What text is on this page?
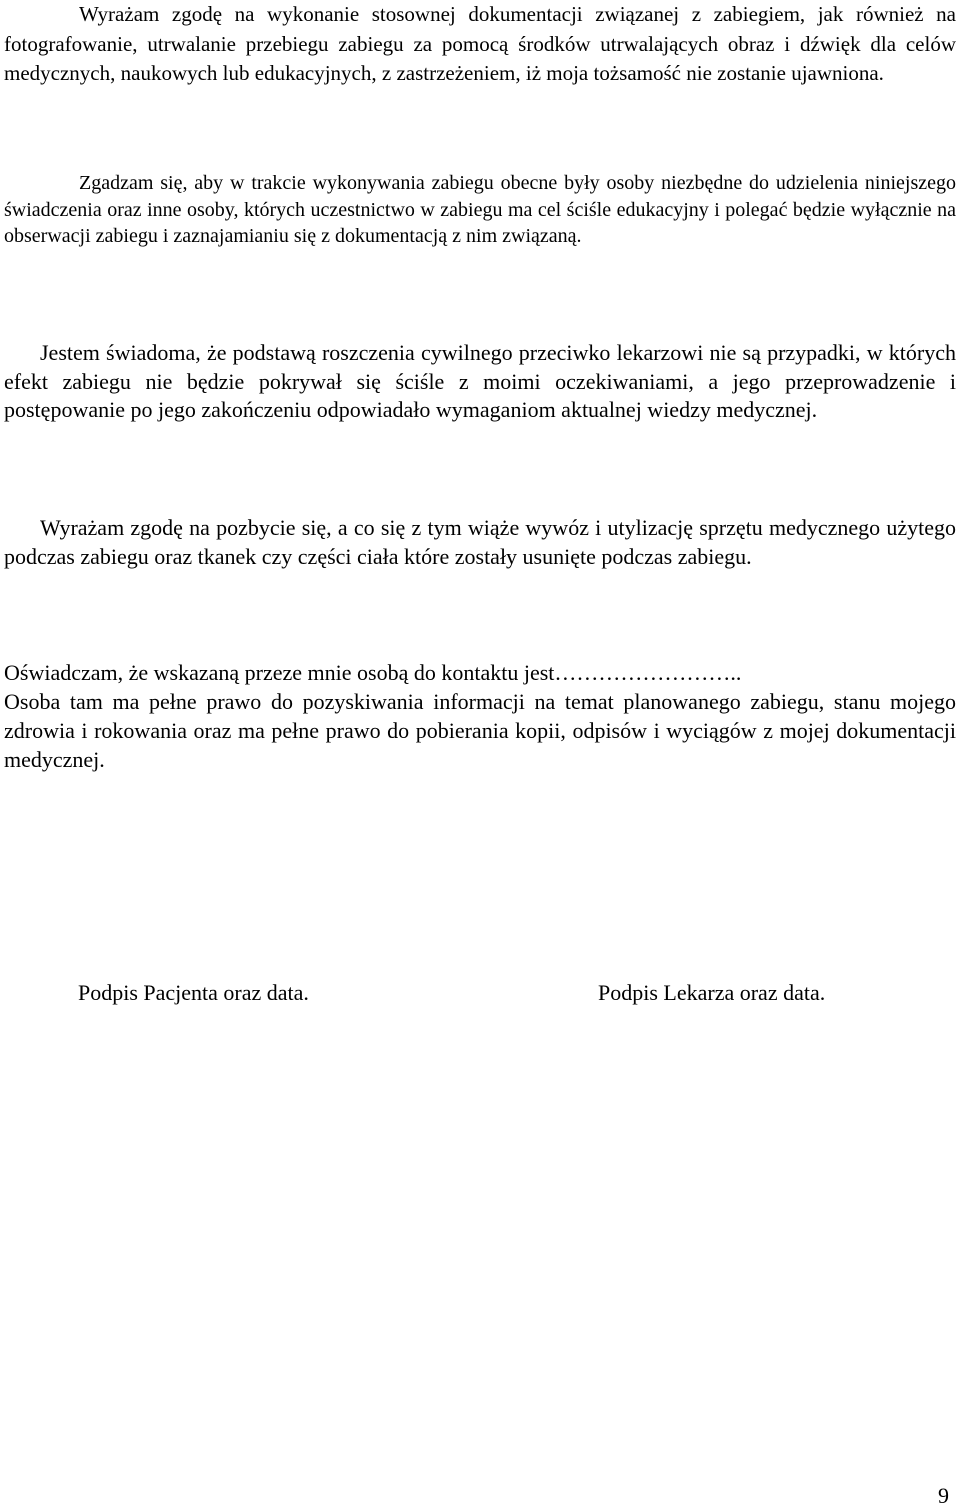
Wyrażam zgodę na wykonanie stosownej dokumentacji związanej z zabiegiem, jak również na fotografowanie, utrwalanie przebiegu zabiegu za pomocą środków utrwalających obraz i dźwięk dla celów medycznych, naukowych lub edukacyjnych, z zastrzeżeniem, iż moja tożsamość nie zostanie ujawniona.

Zgadzam się, aby w trakcie wykonywania zabiegu obecne były osoby niezbędne do udzielenia niniejszego świadczenia oraz inne osoby, których uczestnictwo w zabiegu ma cel ściśle edukacyjny i polegać będzie wyłącznie na obserwacji zabiegu i zaznajamianiu się z dokumentacją z nim związaną.

Jestem świadoma, że podstawą roszczenia cywilnego przeciwko lekarzowi nie są przypadki, w których efekt zabiegu nie będzie pokrywał się ściśle z moimi oczekiwaniami, a jego przeprowadzenie i postępowanie po jego zakończeniu odpowiadało wymaganiom aktualnej wiedzy medycznej.

Wyrażam zgodę na pozbycie się, a co się z tym wiąże wywóz i utylizację sprzętu medycznego użytego podczas zabiegu oraz tkanek czy części ciała które zostały usunięte podczas zabiegu.

Oświadczam, że wskazaną przeze mnie osobą do kontaktu jest……………………..

Osoba tam ma pełne prawo do pozyskiwania informacji na temat planowanego zabiegu, stanu mojego zdrowia i rokowania oraz ma pełne prawo do pobierania kopii, odpisów i wyciągów z mojej dokumentacji medycznej.

Podpis Pacjenta oraz data.	Podpis Lekarza oraz data.
9
